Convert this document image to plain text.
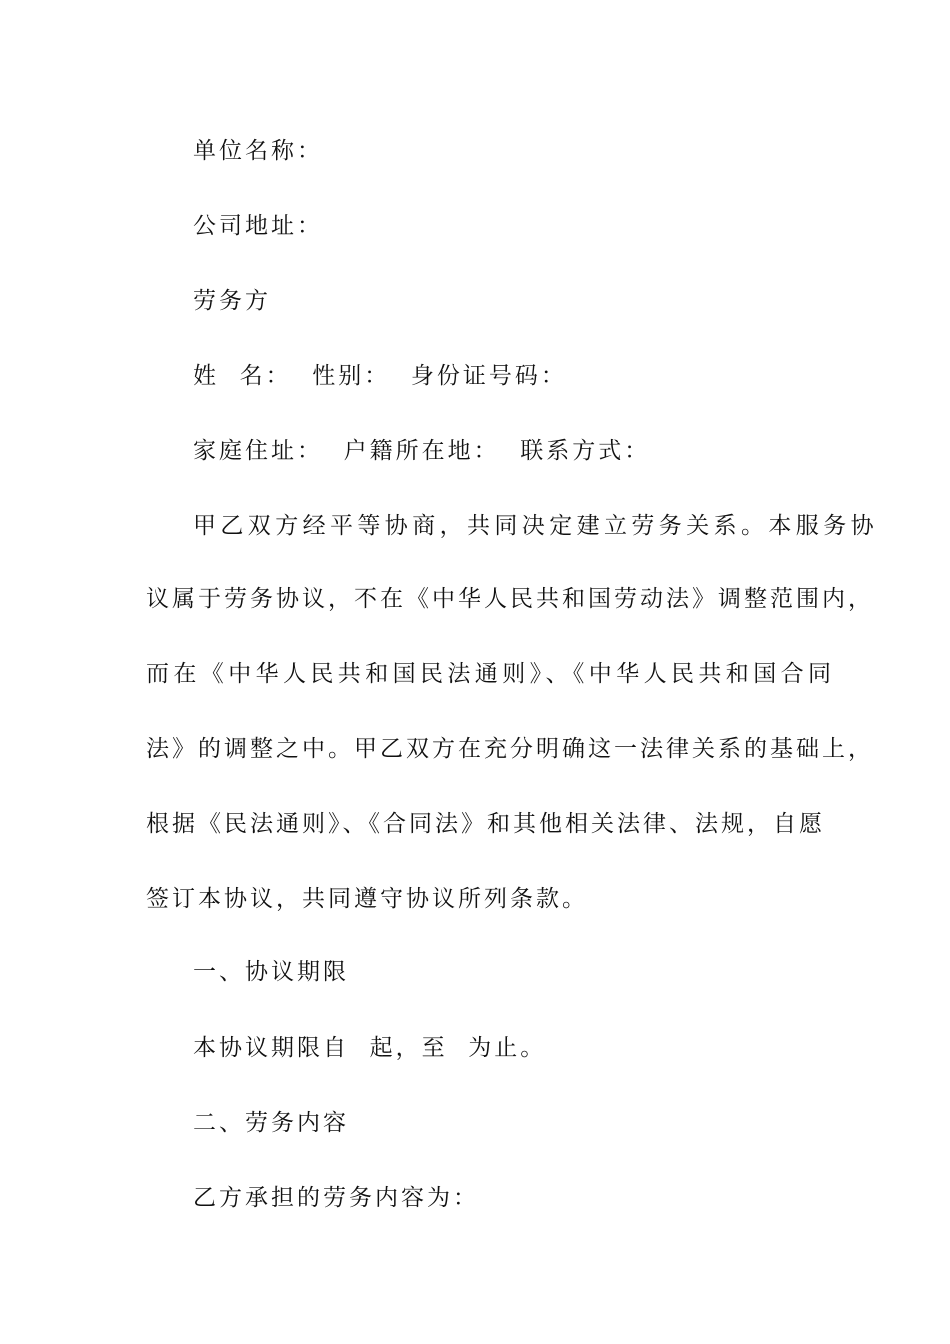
单位名称：
公司地址：
劳务方
姓  名：  性别：  身份证号码：
家庭住址：  户籍所在地：  联系方式：
甲乙双方经平等协商，共同决定建立劳务关系。本服务协
议属于劳务协议，不在《中华人民共和国劳动法》调整范围内，
而在《中华人民共和国民法通则》、《中华人民共和国合同
法》的调整之中。甲乙双方在充分明确这一法律关系的基础上，
根据《民法通则》、《合同法》和其他相关法律、法规，自愿
签订本协议，共同遵守协议所列条款。
一、协议期限
本协议期限自  起，至  为止。
二、劳务内容
乙方承担的劳务内容为：
